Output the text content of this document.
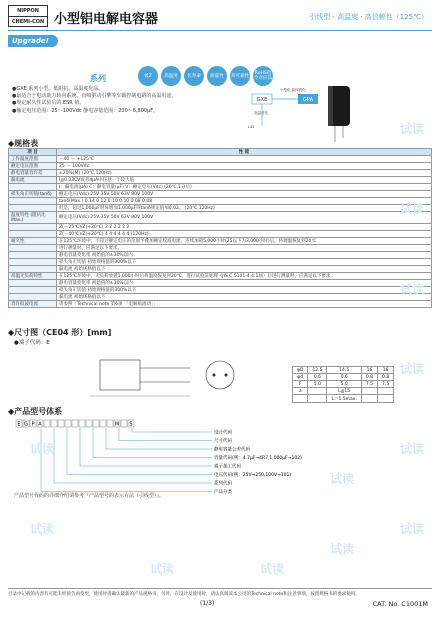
NIPPON
CHEMI-CON 小型铝电解电容器	引线型 · 高温度 · 高信赖性（125℃）
Upgrade!
系列	低Z	高温度	长寿命	耐震性	高可靠性	RoHS指令对应品
●GXE 系列小型、低阻抗、高温度化品。
●最适合于电动助力转向系统、直喷驱动引擎等车载控制电路的高温用途。
●规定耐久性试验后的 ESR 值。
●额定电压范围：25～100Vdc 静电容量范围：200～6,800μF。
GXE	GPA
小型化 高纹波化
高温度化
L42
◆规格表
项 目	性 能
工作温度范围	－40 ～ +125℃
额定电压范围	25 ～ 100Vdc
静电容量容许差	±20%(M) (20℃,120Hz)
漏电流	I≦0.03CV或者4μA中任意一个较大值
	I：漏电流(μA) C：静电容量(μF) V：额定电压(Vdc) (20℃,1分后)
损失角正切值(tanδ)	额定电压(Vdc) 25V 35V 50V 63V 80V 100V
	tanδ(Max.) 0.14 0.12 0.10 0.10 0.08 0.08
	但是，超过1,000μF时每增加1,000μF则tanδ规定值加0.02。 (20℃,120Hz)
温度特性 (阻抗比 Max.)	额定电压(Vdc) 25V 35V 50V 63V 80V 100V
	Z(－25℃)/Z(+20℃) 2 2 2 2 2 2
	Z(－40℃)/Z(+20℃) 4 4 4 4 4 4 (120Hz)
耐久性	在125℃环境中，不超过额定电压的范围予叠加额定纹波电流，连续加载5,000小时(25以下为3,000小时)后，将调温恢复到20℃
	进行测量时，应满足以下要求。
	静电容量变化率 初始值的±30%以内
	损失角正切值 初始规格值的300%以下
	漏电流 初始规格值以下
高温无负荷特性	在125℃环境中，无负荷放置1,000小时后将温度恢复到20℃，进行试验前处理（JIS C 5101-4 4.1项）后进行测量时，应满足以下要求。
	静电容量变化率 初始值的±30%以内
	损失角正切值 初始规格值的300%以下
	漏电流 初始规格值以下
容许纹波电流	请参照「Technical note 第6项 「电解质流动」」
◆尺寸图（CE04 形）[mm]
●端子代码：E
φD	12.5	14.5	16	18
φd	0.6	0.6	0.8	0.8
F	5.0	5.0	7.5	7.5
a		L≦15		
		L＞1.5max.		
◆产品型号体系
E G P A	M S
设计代码
尺寸代码
静电容量公差代码
容量代码(例：4.7μF→4R7,1,000μF→102)
端子加工代码
电压代码(例：25V→250,100V→101)
系列代码
产品分类
产品型号代码的详细介绍请参考『产品型号的表示方法（引线型）』。
目录中记载的内容有可能未经预告而变更，使用时请确认最新的产品规格书。另外，在设计及使用时，请认真阅读本公司的Technical note和注意事项，按照规格书的要求使用。
(1/3)	CAT. No. C1001M
试读
试读
试读
试读
试读
试读
试读
试读
试读	试读
试读
试读
